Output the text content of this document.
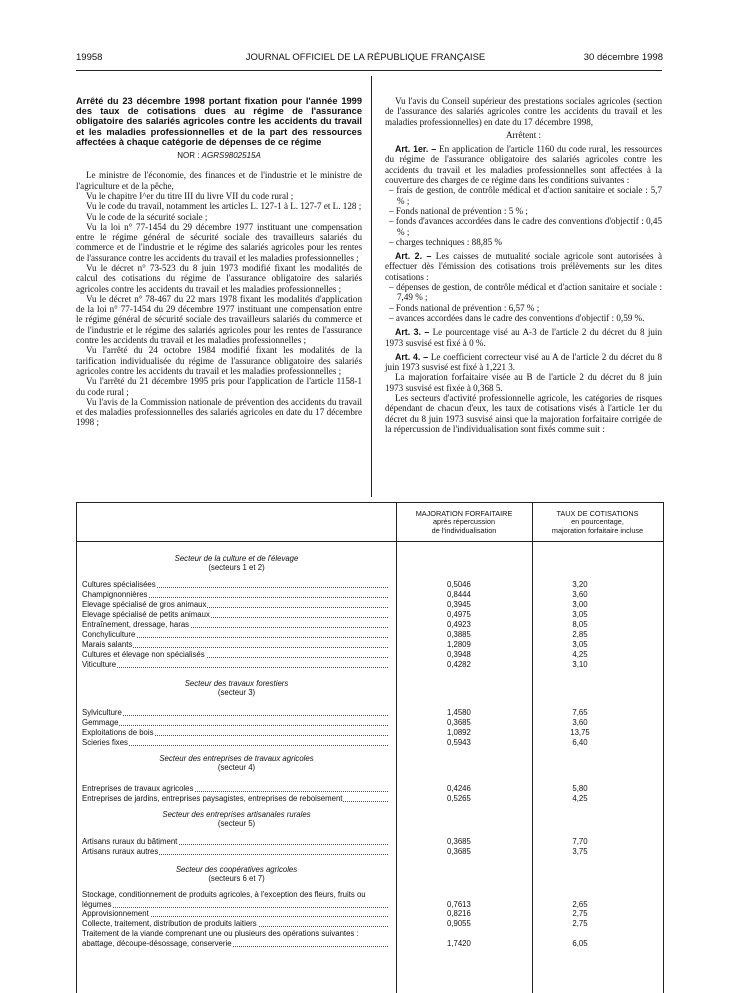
19958	JOURNAL OFFICIEL DE LA RÉPUBLIQUE FRANÇAISE	30 décembre 1998

Arrêté du 23 décembre 1998 portant fixation pour l'année 1999 des taux de cotisations dues au régime de l'assurance obligatoire des salariés agricoles contre les accidents du travail et les maladies professionnelles et de la part des ressources affectées à chaque catégorie de dépenses de ce régime

NOR : AGRS9802515A

Le ministre de l'économie, des finances et de l'industrie et le ministre de l'agriculture et de la pêche,

Vu le chapitre I^er du titre III du livre VII du code rural ;

Vu le code du travail, notamment les articles L. 127-1 à L. 127-7 et L. 128 ;

Vu le code de la sécurité sociale ;

Vu la loi n° 77-1454 du 29 décembre 1977 instituant une compensation entre le régime général de sécurité sociale des travailleurs salariés du commerce et de l'industrie et le régime des salariés agricoles pour les rentes de l'assurance contre les accidents du travail et les maladies professionnelles ;

Vu le décret n° 73-523 du 8 juin 1973 modifié fixant les modalités de calcul des cotisations du régime de l'assurance obligatoire des salariés agricoles contre les accidents du travail et les maladies professionnelles ;

Vu le décret n° 78-467 du 22 mars 1978 fixant les modalités d'application de la loi n° 77-1454 du 29 décembre 1977 instituant une compensation entre le régime général de sécurité sociale des travailleurs salariés du commerce et de l'industrie et le régime des salariés agricoles pour les rentes de l'assurance contre les accidents du travail et les maladies professionnelles ;

Vu l'arrêté du 24 octobre 1984 modifié fixant les modalités de la tarification individualisée du régime de l'assurance obligatoire des salariés agricoles contre les accidents du travail et les maladies professionnelles ;

Vu l'arrêté du 21 décembre 1995 pris pour l'application de l'article 1158-1 du code rural ;

Vu l'avis de la Commission nationale de prévention des accidents du travail et des maladies professionnelles des salariés agricoles en date du 17 décembre 1998 ;

Vu l'avis du Conseil supérieur des prestations sociales agricoles (section de l'assurance des salariés agricoles contre les accidents du travail et les maladies professionnelles) en date du 17 décembre 1998,

Arrêtent :

Art. 1er. – En application de l'article 1160 du code rural, les ressources du régime de l'assurance obligatoire des salariés agricoles contre les accidents du travail et les maladies professionnelles sont affectées à la couverture des charges de ce régime dans les conditions suivantes :

– frais de gestion, de contrôle médical et d'action sanitaire et sociale : 5,7 % ;

– Fonds national de prévention : 5 % ;

– fonds d'avances accordées dans le cadre des conventions d'objectif : 0,45 % ;

– charges techniques : 88,85 %

Art. 2. – Les caisses de mutualité sociale agricole sont autorisées à effectuer dès l'émission des cotisations trois prélèvements sur les dites cotisations :

– dépenses de gestion, de contrôle médical et d'action sanitaire et sociale : 7,49 % ;

– Fonds national de prévention : 6,57 % ;

– avances accordées dans le cadre des conventions d'objectif : 0,59 %.

Art. 3. – Le pourcentage visé au A-3 de l'article 2 du décret du 8 juin 1973 susvisé est fixé à 0 %.

Art. 4. – Le coefficient correcteur visé au A de l'article 2 du décret du 8 juin 1973 susvisé est fixé à 1,221 3.

La majoration forfaitaire visée au B de l'article 2 du décret du 8 juin 1973 susvisé est fixée à 0,368 5.

Les secteurs d'activité professionnelle agricole, les catégories de risques dépendant de chacun d'eux, les taux de cotisations visés à l'article 1er du décret du 8 juin 1973 susvisé ainsi que la majoration forfaitaire corrigée de la répercussion de l'individualisation sont fixés comme suit :

MAJORATION FORFAITAIRE
après répercussion
de l'individualisation
TAUX DE COTISATIONS
en pourcentage,
majoration forfaitaire incluse
Secteur de la culture et de l'élevage
(secteurs 1 et 2)
Secteur des travaux forestiers
(secteur 3)
Secteur des entreprises de travaux agricoles
(secteur 4)
Secteur des entreprises artisanales rurales
(secteur 5)
Secteur des coopératives agricoles
(secteurs 6 et 7)
Cultures spécialisées	0,5046	3,20
Champignonnières	0,8444	3,60
Elevage spécialisé de gros animaux	0,3945	3,00
Elevage spécialisé de petits animaux	0,4975	3,05
Entraînement, dressage, haras	0,4923	8,05
Conchyliculture	0,3885	2,85
Marais salants	1,2809	3,05
Cultures et élevage non spécialisés	0,3948	4,25
Viticulture	0,4282	3,10
Sylviculture	1,4580	7,65
Gemmage	0,3685	3,60
Exploitations de bois	1,0892	13,75
Scieries fixes	0,5943	6,40
Entreprises de travaux agricoles	0,4246	5,80
Entreprises de jardins, entreprises paysagistes, entreprises de reboisement	0,5265	4,25
Artisans ruraux du bâtiment	0,3685	7,70
Artisans ruraux autres	0,3685	3,75
Stockage, conditionnement de produits agricoles, à l'exception des fleurs, fruits ou légumes	0,7613	2,65
Approvisionnement	0,8216	2,75
Collecte, traitement, distribution de produits laitiers	0,9055	2,75
Traitement de la viande comprenant une ou plusieurs des opérations suivantes : abattage, découpe-désossage, conserverie	1,7420	6,05
